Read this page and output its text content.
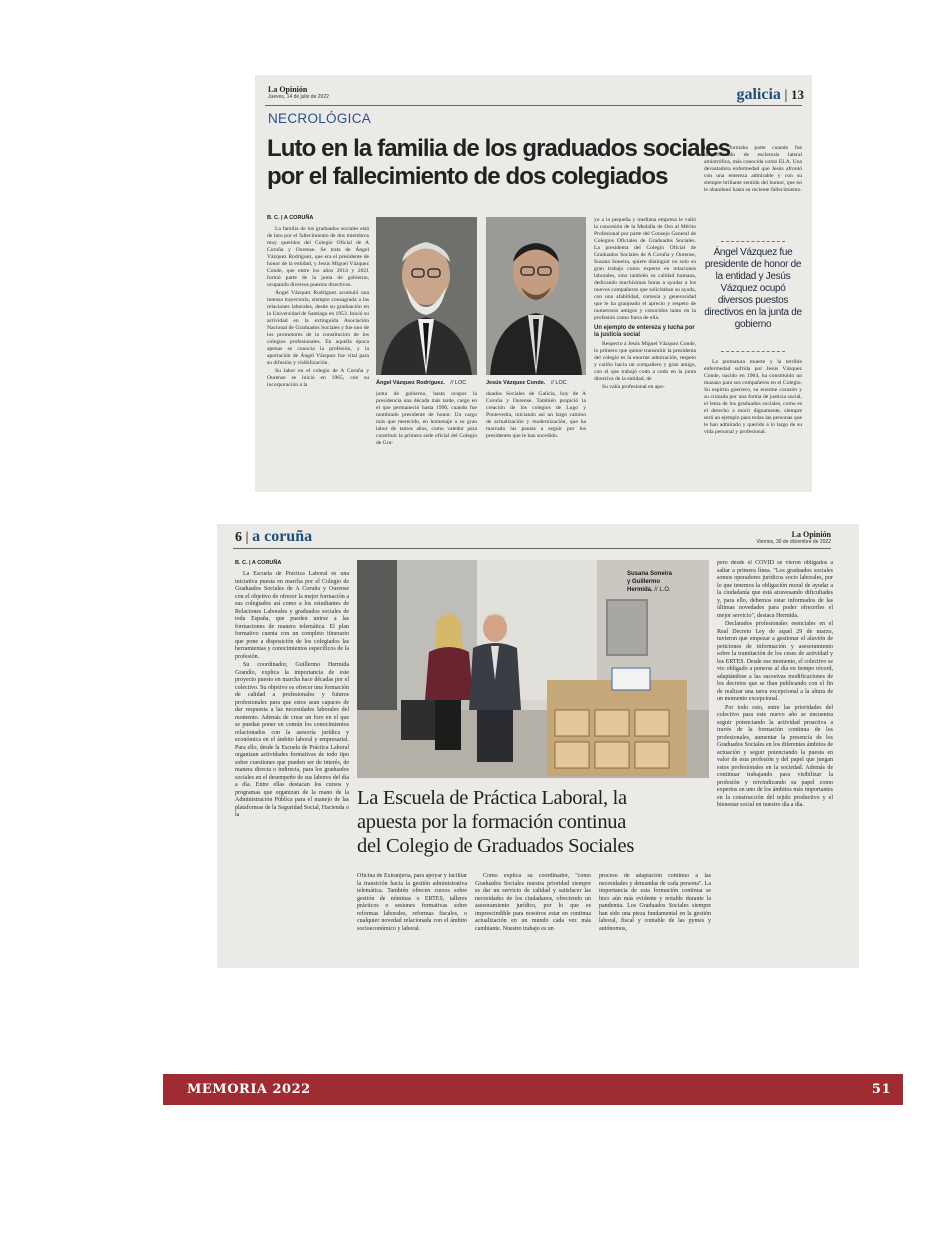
La Opinión
Jueves, 14 de julio de 2022	galicia | 13
NECROLÓGICA
Luto en la familia de los graduados sociales
por el fallecimiento de dos colegiados
B. C. | A CORUÑA

La familia de los graduados sociales está de luto por el fallecimiento de dos miembros muy queridos del Colegio Oficial de A Coruña y Ourense. Se trata de Ángel Vázquez Rodríguez, que era el presidente de honor de la entidad, y Jesús Miguel Vázquez Conde, que entre los años 2014 y 2021 formó parte de la junta de gobierno, ocupando diversos puestos directivos.

Ángel Vázquez Rodríguez acumuló una intensa trayectoria, siempre consagrada a las relaciones laborales, desde su graduación en la Universidad de Santiago en 1953. Inició su actividad en la extinguida Asociación Nacional de Graduados Sociales y fue uno de los promotores de la constitución de los colegios profesionales. En aquella época apenas se conocía la profesión, y la aportación de Ángel Vázquez fue vital para su difusión y visibilización.

Su labor en el colegio de A Coruña y Ourense se inició en 1965, con su incorporación a la	Ángel Vázquez Rodríguez. // LOC	Jesús Vázquez Conde. // LOC

junta de gobierno, hasta ocupar la presidencia una década más tarde, cargo en el que permaneció hasta 1990, cuando fue nombrado presidente de honor. Un cargo más que merecido, en homenaje a su gran labor de tantos años, como valedor para constituir la primera sede oficial del Colegio de Gra-

duados Sociales de Galicia, hoy de A Coruña y Ourense. También propició la creación de los colegios de Lugo y Pontevedra, iniciando así un largo camino de actualización y modernización, que ha marcado las pautas a seguir por los presidentes que le han sucedido.

yo a la pequeña y mediana empresa le valió la concesión de la Medalla de Oro al Mérito Profesional por parte del Consejo General de Colegios Oficiales de Graduados Sociales. La presidenta del Colegio Oficial de Graduados Sociales de A Coruña y Ourense, Susana Soneira, quiere distinguir no solo su gran trabajo como experto en relaciones laborales, sino también su calidad humana, dedicando muchísimas horas a ayudar a los nuevos compañeros que solicitaban su ayuda, con una afabilidad, cortesía y generosidad que le ha granjeado el aprecio y respeto de numerosos amigos y conocidos tanto en la profesión como fuera de ella.

Un ejemplo de entereza y lucha por la justicia social

Respecto a Jesús Miguel Vázquez Conde, lo primero que quiere transmitir la presidenta del colegio es la enorme admiración, respeto y cariño hacia un compañero y gran amigo, con el que trabajó codo a codo en la junta directiva de la entidad, de

Su valía profesional en apo-

la que formaba parte cuando fue diagnosticado de esclerosis lateral amiotrófica, más conocida como ELA. Una devastadora enfermedad que Jesús afrontó con una entereza admirable y con su siempre brillante sentido del humor, que no le abandonó hasta su reciente fallecimiento.

Ángel Vázquez fue presidente de honor de la entidad y Jesús Vázquez ocupó diversos puestos directivos en la junta de gobierno

La prematura muerte y la terrible enfermedad sufrida por Jesús Vázquez Conde, nacido en 1964, ha constituido un mazazo para sus compañeros en el Colegio. Su espíritu guerrero, su enorme corazón y su cruzada por una forma de justicia social, el lema de los graduados sociales, como es el derecho a morir dignamente, siempre será un ejemplo para todas las personas que le han admirado y querido a lo largo de su vida personal y profesional.

6 | a coruña	La Opinión
Viernes, 30 de diciembre de 2022
B. C. | A CORUÑA

La Escuela de Práctica Laboral es una iniciativa puesta en marcha por el Colegio de Graduados Sociales de A Coruña y Ourense con el objetivo de ofrecer la mejor formación a sus colegiados así como a los estudiantes de Relaciones Laborales y graduados sociales de toda España, que pueden unirse a las formaciones de manera telemática. El plan formativo cuenta con un completo itinerario que pone a disposición de los colegiados las herramientas y conocimientos específicos de la profesión.

Su coordinador, Guillermo Hermida Grandío, explica la importancia de este proyecto puesto en marcha hace décadas por el colectivo. Su objetivo es ofrecer una formación de calidad a profesionales y futuros profesionales para que estos sean capaces de dar respuesta a las necesidades laborales del momento. Además de crear un foro en el que se puedan poner en común los conocimientos relacionados con la asesoría jurídica y económica en el ámbito laboral y empresarial. Para ello, desde la Escuela de Práctica Laboral organizan actividades formativas de todo tipo sobre cuestiones que pueden ser de interés, de manera directa o indirecta, para los graduados sociales en el desempeño de sus labores del día a día. Entre ellas destacan los cursos y programas que organizan de la mano de la Administración Pública para el manejo de las plataformas de la Seguridad Social, Hacienda o la

Susana Soneira
y Guillermo
Hermida. // L.O.
La Escuela de Práctica Laboral, la
apuesta por la formación continua
del Colegio de Graduados Sociales

Oficina de Extranjería, para apoyar y facilitar la transición hacia la gestión administrativa telemática. También ofrecen cursos sobre gestión de nóminas o ERTES, talleres prácticos o sesiones formativas sobre reformas laborales, reformas fiscales, o cualquier novedad relacionada con el ámbito socioeconómico y laboral.

Como explica su coordinador, "como Graduados Sociales nuestra prioridad siempre es dar un servicio de calidad y satisfacer las necesidades de los ciudadanos, ofreciendo un asesoramiento jurídico, por lo que es imprescindible para nosotros estar en continua actualización en un mundo cada vez más cambiante. Nuestro trabajo es un

proceso de adaptación continuo a las necesidades y demandas de cada persona". La importancia de esta formación continua se hizo aún más evidente y notable durante la pandemia. Los Graduados Sociales siempre han sido una pieza fundamental en la gestión laboral, fiscal y contable de las pymes y autónomos,

pero desde el COVID se vieron obligados a saltar a primera línea. "Los graduados sociales somos operadores jurídicos socio laborales, por lo que tenemos la obligación moral de ayudar a la ciudadanía que está atravesando dificultades y, para ello, debemos estar informados de las últimas novedades para poder ofrecerles el mejor servicio", destaca Hermida.

Declarados profesionales esenciales en el Real Decreto Ley de aquel 29 de marzo, tuvieron que empezar a gestionar el aluvión de peticiones de información y asesoramiento sobre la tramitación de los ceses de actividad y los ERTES. Desde ese momento, el colectivo se vio obligado a ponerse al día en tiempo récord, adaptándose a las sucesivas modificaciones de los decretos que se iban publicando con el fin de realizar una tarea excepcional a la altura de un momento excepcional.

Por todo esto, entre las prioridades del colectivo para este nuevo año se encuentra seguir potenciando la actividad proactiva a través de la formación continua de los profesionales, aumentar la presencia de los Graduados Sociales en los diferentes ámbitos de actuación y seguir potenciando la puesta en valor de esta profesión y del papel que juegan estos profesionales en la sociedad. Además de continuar trabajando para visibilizar la profesión y reivindicando su papel como expertos en uno de los ámbitos más importantes en la construcción del tejido productivo y el bienestar social en nuestro día a día.

MEMORIA 2022	51
